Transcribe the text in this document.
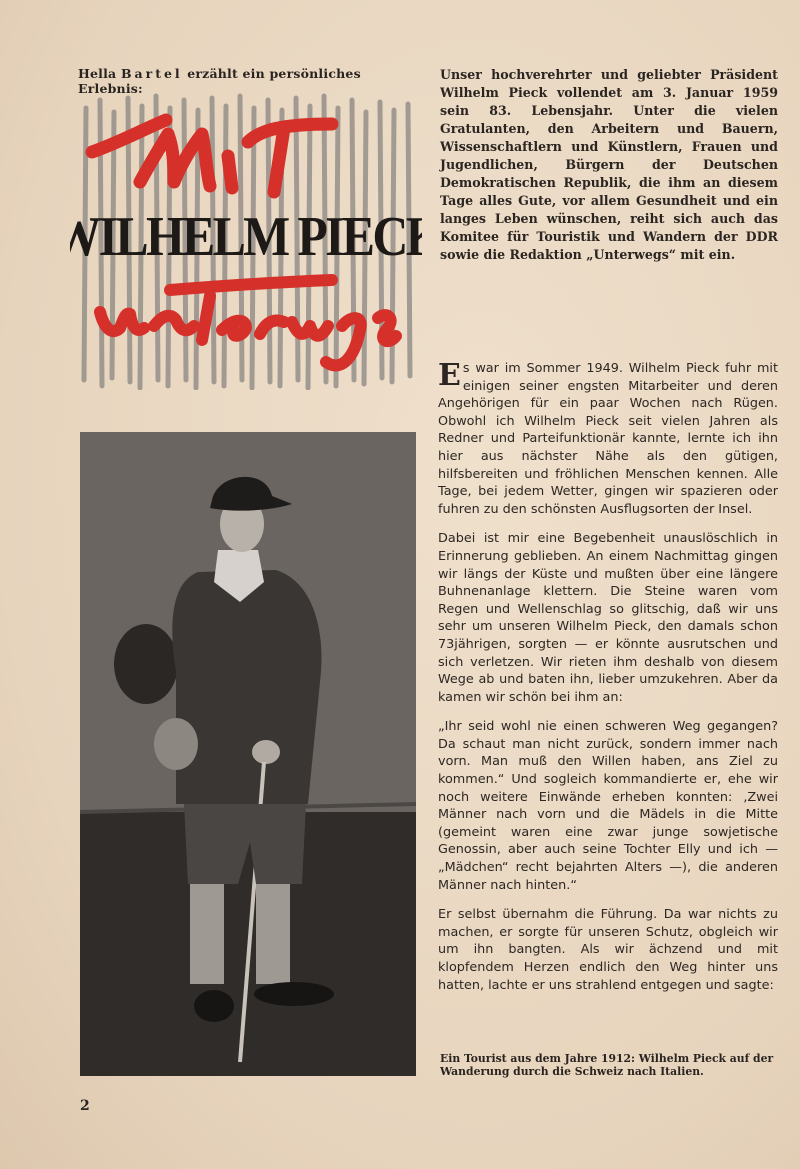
Hella Bartel erzählt ein persönliches Erlebnis:
WILHELM PIECK
Unser hochverehrter und geliebter Präsident Wilhelm Pieck vollendet am 3. Januar 1959 sein 83. Lebensjahr. Unter die vielen Gratulanten, den Arbeitern und Bauern, Wissenschaftlern und Künstlern, Frauen und Jugendlichen, Bürgern der Deutschen Demokratischen Republik, die ihm an diesem Tage alles Gute, vor allem Gesundheit und ein langes Leben wünschen, reiht sich auch das Komitee für Touristik und Wandern der DDR sowie die Redaktion „Unterwegs“ mit ein.

Es war im Sommer 1949. Wilhelm Pieck fuhr mit einigen seiner engsten Mitarbeiter und deren Angehörigen für ein paar Wochen nach Rügen. Obwohl ich Wilhelm Pieck seit vielen Jahren als Redner und Parteifunktionär kannte, lernte ich ihn hier aus nächster Nähe als den gütigen, hilfsbereiten und fröhlichen Menschen kennen. Alle Tage, bei jedem Wetter, gingen wir spazieren oder fuhren zu den schönsten Ausflugsorten der Insel.

Dabei ist mir eine Begebenheit unauslöschlich in Erinnerung geblieben. An einem Nachmittag gingen wir längs der Küste und mußten über eine längere Buhnenanlage klettern. Die Steine waren vom Regen und Wellenschlag so glitschig, daß wir uns sehr um unseren Wilhelm Pieck, den damals schon 73jährigen, sorgten — er könnte ausrutschen und sich verletzen. Wir rieten ihm deshalb von diesem Wege ab und baten ihn, lieber umzukehren. Aber da kamen wir schön bei ihm an:

„Ihr seid wohl nie einen schweren Weg gegangen? Da schaut man nicht zurück, sondern immer nach vorn. Man muß den Willen haben, ans Ziel zu kommen.“ Und sogleich kommandierte er, ehe wir noch weitere Einwände erheben konnten: ‚Zwei Männer nach vorn und die Mädels in die Mitte (gemeint waren eine zwar junge sowjetische Genossin, aber auch seine Tochter Elly und ich — „Mädchen“ recht bejahrten Alters —), die anderen Männer nach hinten.“

Er selbst übernahm die Führung. Da war nichts zu machen, er sorgte für unseren Schutz, obgleich wir um ihn bangten. Als wir ächzend und mit klopfendem Herzen endlich den Weg hinter uns hatten, lachte er uns strahlend entgegen und sagte:

Ein Tourist aus dem Jahre 1912: Wilhelm Pieck auf der Wanderung durch die Schweiz nach Italien.
2
